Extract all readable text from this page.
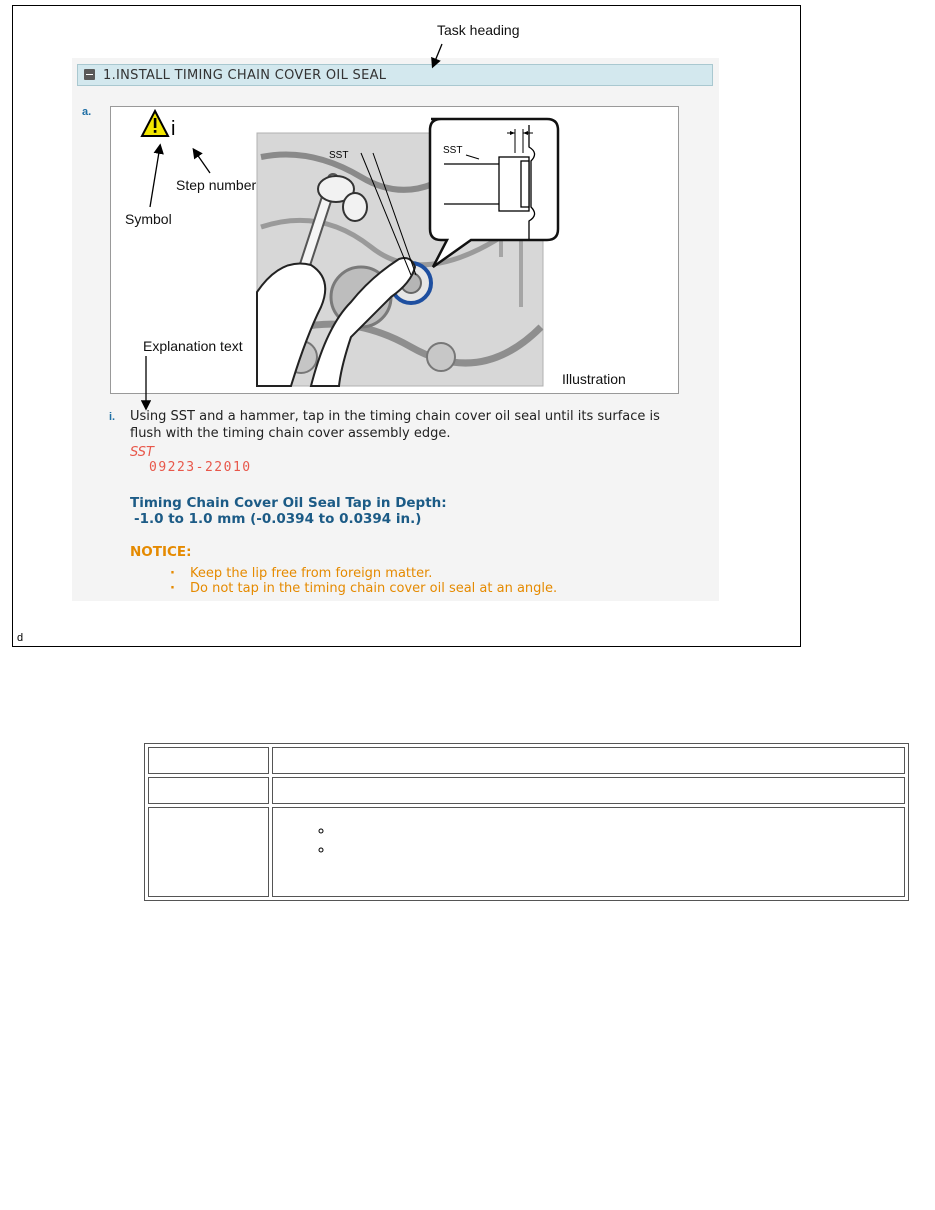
d
1.INSTALL TIMING CHAIN COVER OIL SEAL
a.
i
SST	SST
i. Using SST and a hammer, tap in the timing chain cover oil seal until its surface is flush with the timing chain cover assembly edge.
SST
09223-22010
Timing Chain Cover Oil Seal Tap in Depth:
-1.0 to 1.0 mm (-0.0394 to 0.0394 in.)
NOTICE:
· Keep the lip free from foreign matter.
· Do not tap in the timing chain cover oil seal at an angle.
Task heading
Step number
Symbol
Explanation text
Illustration

◦
◦
